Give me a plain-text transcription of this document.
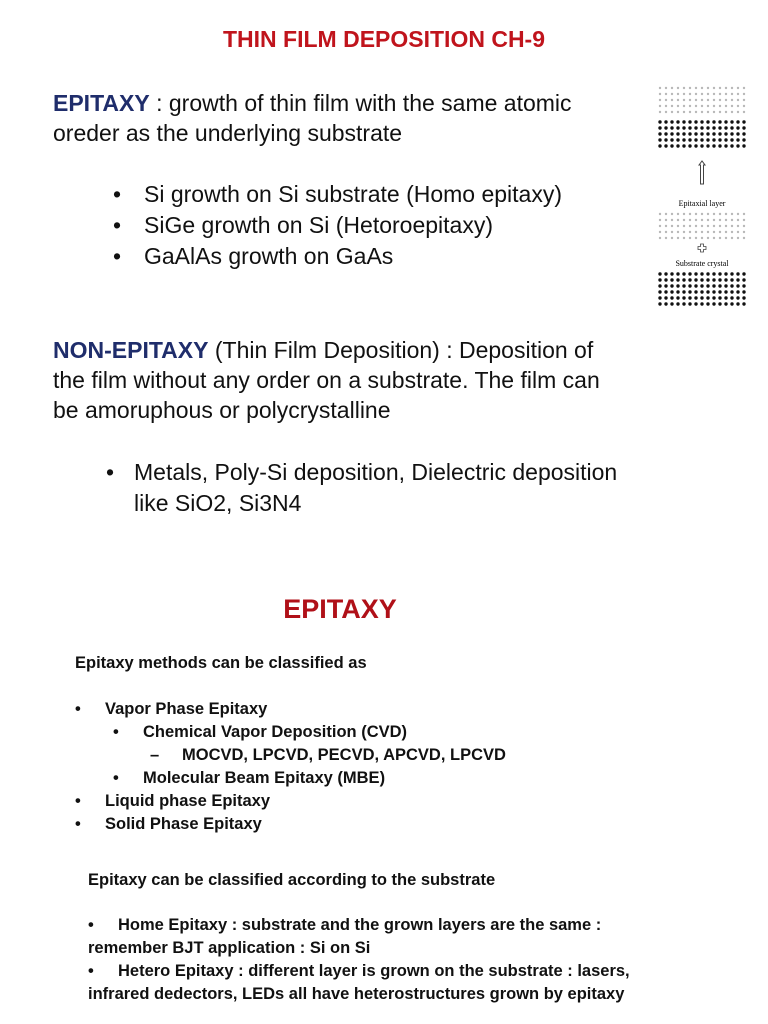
THIN FILM DEPOSITION CH-9
EPITAXY : growth of thin film with the same atomic
oreder as the underlying substrate
• Si growth on Si substrate (Homo epitaxy)
• SiGe growth on Si (Hetoroepitaxy)
• GaAlAs growth on GaAs
Epitaxial layer
Substrate crystal
NON-EPITAXY (Thin Film Deposition) : Deposition of
the film without any order on a substrate. The film can
be amoruphous or polycrystalline
• Metals, Poly-Si deposition, Dielectric deposition
like SiO2, Si3N4
EPITAXY
Epitaxy methods can be classified as
• Vapor Phase Epitaxy
• Chemical Vapor Deposition (CVD)
– MOCVD, LPCVD, PECVD, APCVD, LPCVD
• Molecular Beam Epitaxy (MBE)
• Liquid phase Epitaxy
• Solid Phase Epitaxy
Epitaxy can be classified according to the substrate
• Home Epitaxy : substrate and the grown layers are the same :
remember BJT application : Si on Si
• Hetero Epitaxy : different layer is grown on the substrate : lasers,
infrared dedectors, LEDs all have heterostructures grown by epitaxy
